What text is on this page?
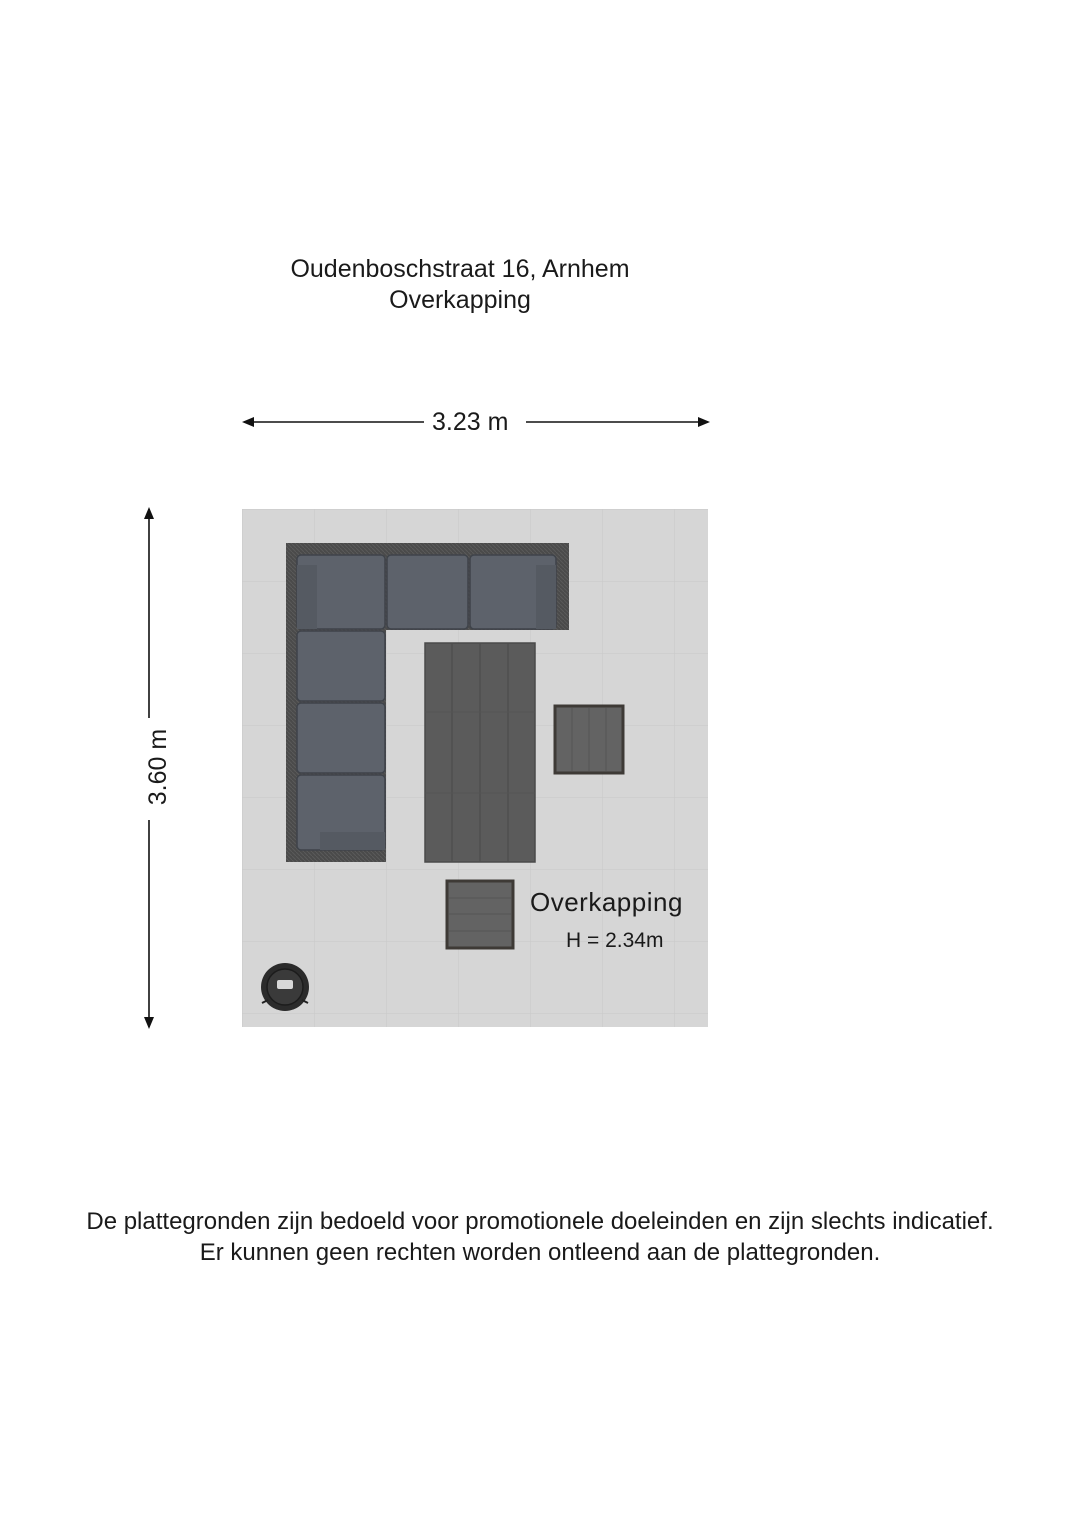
Oudenboschstraat 16, Arnhem
Overkapping
3.23 m
3.60 m
Overkapping
H = 2.34m
De plattegronden zijn bedoeld voor promotionele doeleinden en zijn slechts indicatief.
Er kunnen geen rechten worden ontleend aan de plattegronden.
